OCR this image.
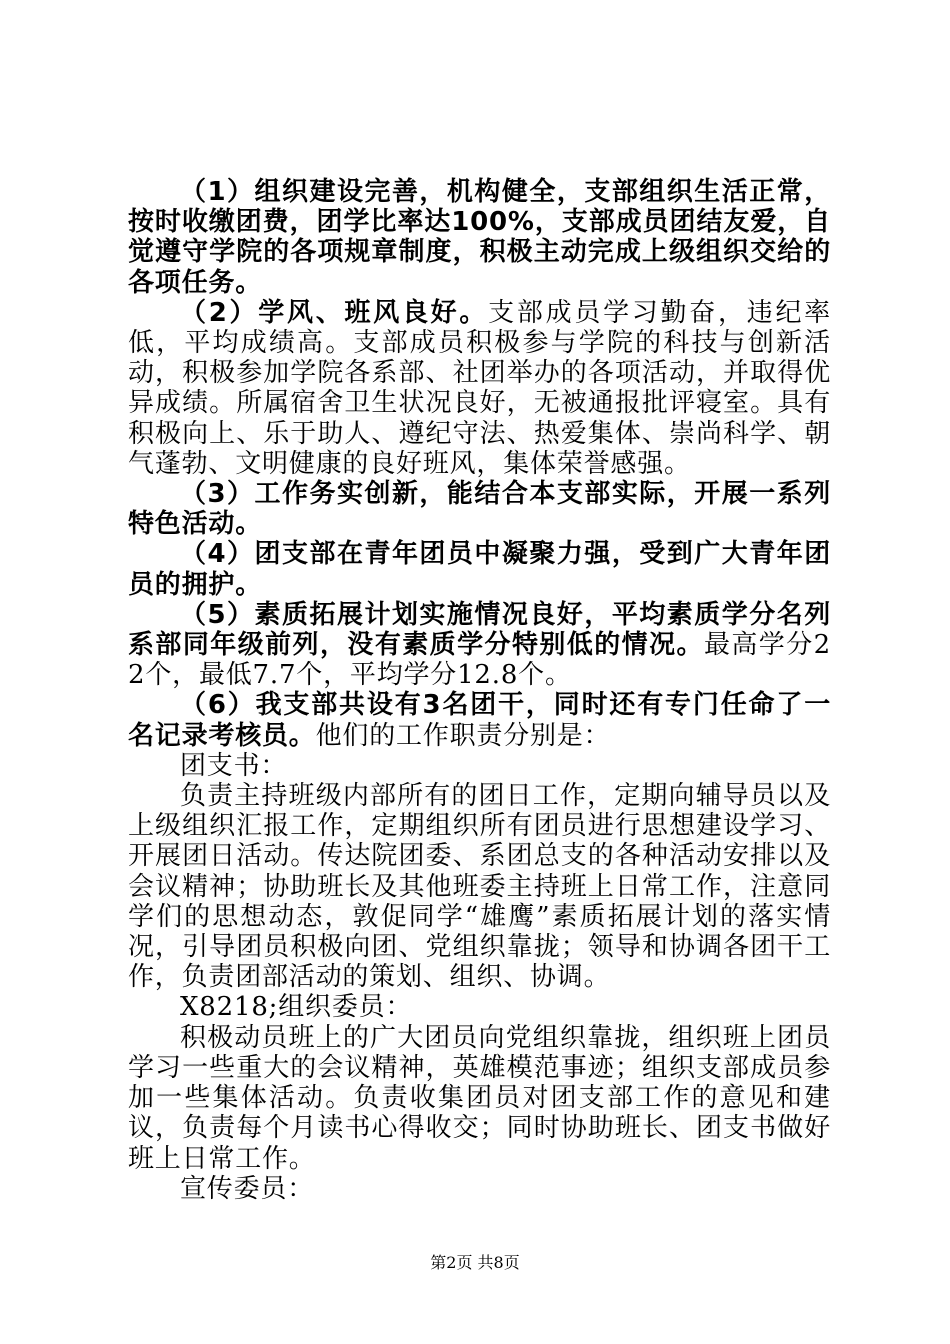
（1）组织建设完善，机构健全，支部组织生活正常，按时收缴团费，团学比率达100%，支部成员团结友爱，自觉遵守学院的各项规章制度，积极主动完成上级组织交给的各项任务。

（2）学风、班风良好。支部成员学习勤奋，违纪率低，平均成绩高。支部成员积极参与学院的科技与创新活动，积极参加学院各系部、社团举办的各项活动，并取得优异成绩。所属宿舍卫生状况良好，无被通报批评寝室。具有积极向上、乐于助人、遵纪守法、热爱集体、崇尚科学、朝气蓬勃、文明健康的良好班风，集体荣誉感强。

（3）工作务实创新，能结合本支部实际，开展一系列特色活动。

（4）团支部在青年团员中凝聚力强，受到广大青年团员的拥护。

（5）素质拓展计划实施情况良好，平均素质学分名列系部同年级前列，没有素质学分特别低的情况。最高学分22个，最低7.7个，平均学分12.8个。

（6）我支部共设有3名团干，同时还有专门任命了一名记录考核员。他们的工作职责分别是：

团支书：

负责主持班级内部所有的团日工作，定期向辅导员以及上级组织汇报工作，定期组织所有团员进行思想建设学习、开展团日活动。传达院团委、系团总支的各种活动安排以及会议精神；协助班长及其他班委主持班上日常工作，注意同学们的思想动态，敦促同学“雄鹰”素质拓展计划的落实情况，引导团员积极向团、党组织靠拢；领导和协调各团干工作，负责团部活动的策划、组织、协调。

X8218;组织委员：

积极动员班上的广大团员向党组织靠拢，组织班上团员学习一些重大的会议精神，英雄模范事迹；组织支部成员参加一些集体活动。负责收集团员对团支部工作的意见和建议，负责每个月读书心得收交；同时协助班长、团支书做好班上日常工作。

宣传委员：

第2页 共8页
